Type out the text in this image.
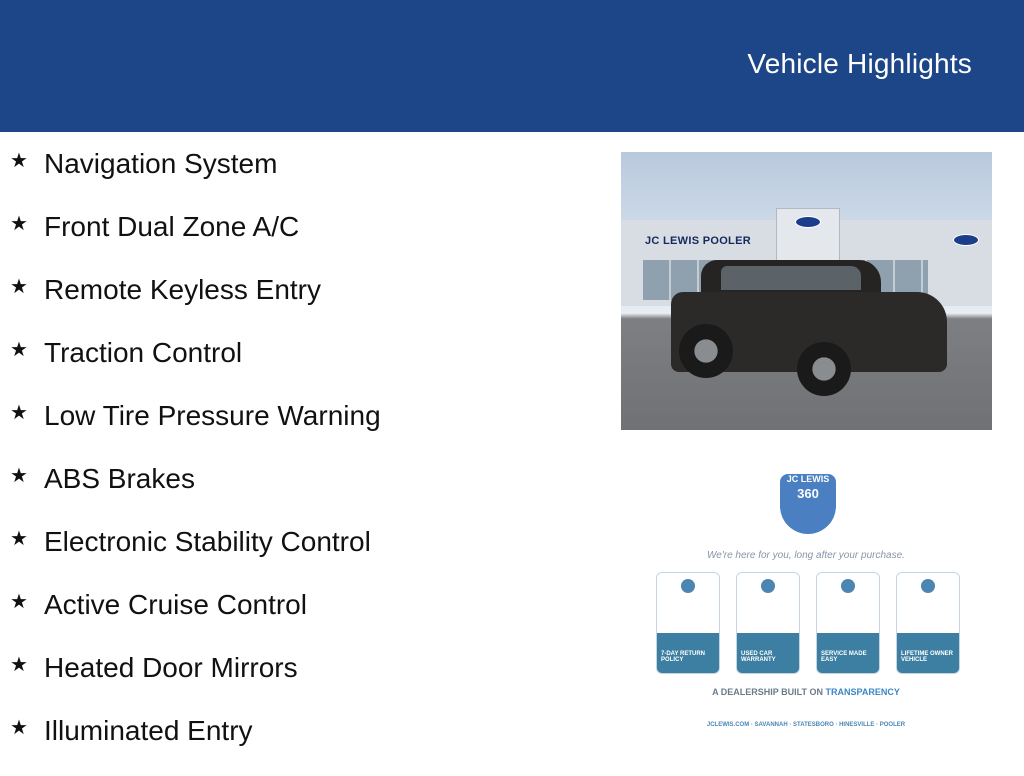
Vehicle Highlights
★ Navigation System
★ Front Dual Zone A/C
★ Remote Keyless Entry
★ Traction Control
★ Low Tire Pressure Warning
★ ABS Brakes
★ Electronic Stability Control
★ Active Cruise Control
★ Heated Door Mirrors
★ Illuminated Entry
JC LEWIS POOLER
JC LEWIS
360
We're here for you, long after your purchase.
7-DAY RETURN POLICY
USED CAR WARRANTY
SERVICE MADE EASY
LIFETIME OWNER VEHICLE
A DEALERSHIP BUILT ON TRANSPARENCY
JCLEWIS.COM · SAVANNAH · STATESBORO · HINESVILLE · POOLER
